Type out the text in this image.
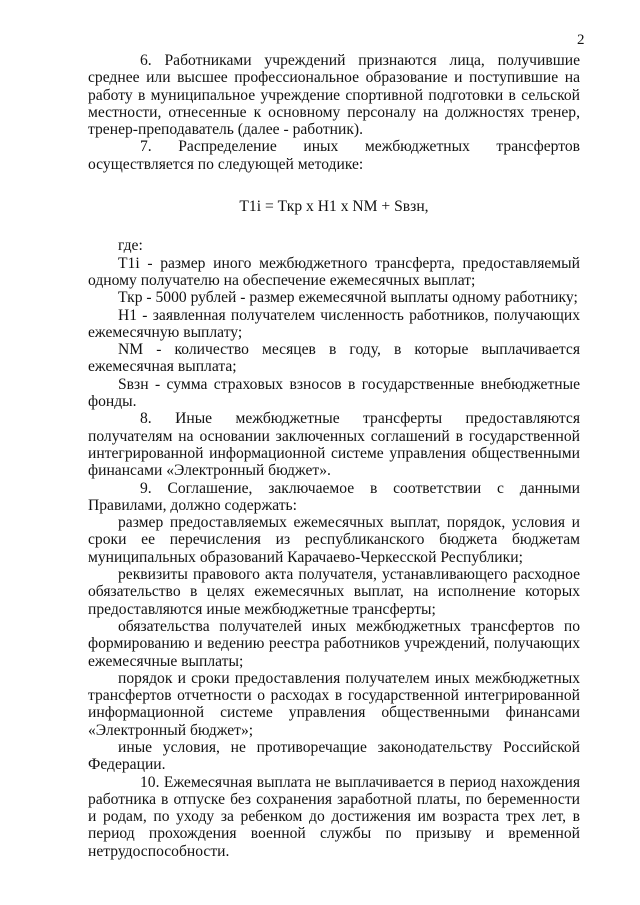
2

6. Работниками учреждений признаются лица, получившие среднее или высшее профессиональное образование и поступившие на работу в муниципальное учреждение спортивной подготовки в сельской местности, отнесенные к основному персоналу на должностях тренер, тренер-преподаватель (далее - работник).

7. Распределение иных межбюджетных трансфертов осуществляется по следующей методике:

T1i = Ткр x H1 x NM + Sвзн,

где:

Т1i - размер иного межбюджетного трансферта, предоставляемый одному получателю на обеспечение ежемесячных выплат;

Ткр - 5000 рублей - размер ежемесячной выплаты одному работнику;

Н1 - заявленная получателем численность работников, получающих ежемесячную выплату;

NM - количество месяцев в году, в которые выплачивается ежемесячная выплата;

Sвзн - сумма страховых взносов в государственные внебюджетные фонды.

8. Иные межбюджетные трансферты предоставляются получателям на основании заключенных соглашений в государственной интегрированной информационной системе управления общественными финансами «Электронный бюджет».

9. Соглашение, заключаемое в соответствии с данными Правилами, должно содержать:

размер предоставляемых ежемесячных выплат, порядок, условия и сроки ее перечисления из республиканского бюджета бюджетам муниципальных образований Карачаево-Черкесской Республики;

реквизиты правового акта получателя, устанавливающего расходное обязательство в целях ежемесячных выплат, на исполнение которых предоставляются иные межбюджетные трансферты;

обязательства получателей иных межбюджетных трансфертов по формированию и ведению реестра работников учреждений, получающих ежемесячные выплаты;

порядок и сроки предоставления получателем иных межбюджетных трансфертов отчетности о расходах в государственной интегрированной информационной системе управления общественными финансами «Электронный бюджет»;

иные условия, не противоречащие законодательству Российской Федерации.

10. Ежемесячная выплата не выплачивается в период нахождения работника в отпуске без сохранения заработной платы, по беременности и родам, по уходу за ребенком до достижения им возраста трех лет, в период прохождения военной службы по призыву и временной нетрудоспособности.
